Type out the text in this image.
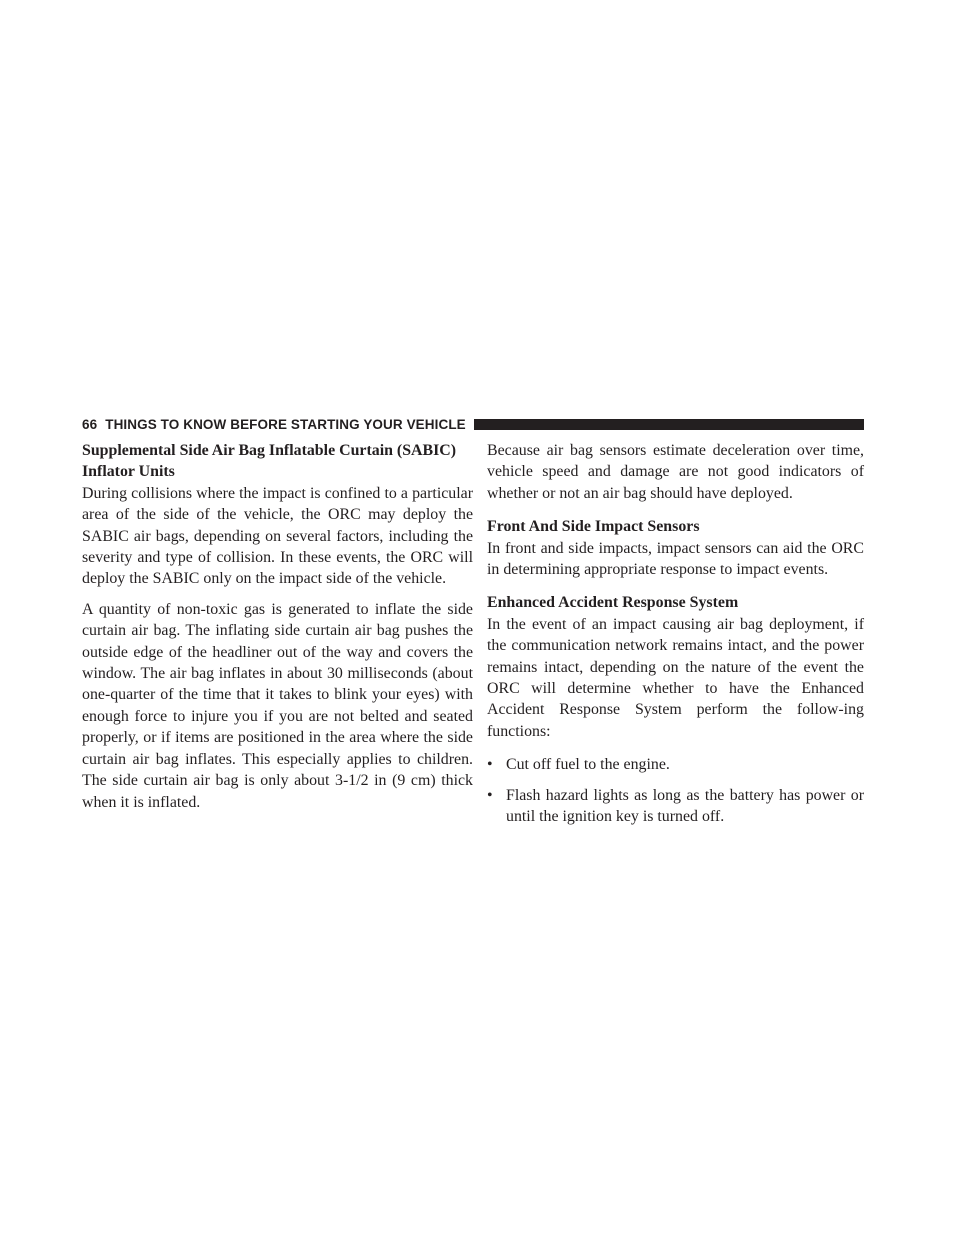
66 THINGS TO KNOW BEFORE STARTING YOUR VEHICLE
Supplemental Side Air Bag Inflatable Curtain (SABIC) Inflator Units

During collisions where the impact is confined to a particular area of the side of the vehicle, the ORC may deploy the SABIC air bags, depending on several factors, including the severity and type of collision. In these events, the ORC will deploy the SABIC only on the impact side of the vehicle.

A quantity of non-toxic gas is generated to inflate the side curtain air bag. The inflating side curtain air bag pushes the outside edge of the headliner out of the way and covers the window. The air bag inflates in about 30 milliseconds (about one-quarter of the time that it takes to blink your eyes) with enough force to injure you if you are not belted and seated properly, or if items are positioned in the area where the side curtain air bag inflates. This especially applies to children. The side curtain air bag is only about 3-1/2 in (9 cm) thick when it is inflated.

Because air bag sensors estimate deceleration over time, vehicle speed and damage are not good indicators of whether or not an air bag should have deployed.

Front And Side Impact Sensors

In front and side impacts, impact sensors can aid the ORC in determining appropriate response to impact events.

Enhanced Accident Response System

In the event of an impact causing air bag deployment, if the communication network remains intact, and the power remains intact, depending on the nature of the event the ORC will determine whether to have the Enhanced Accident Response System perform the follow-ing functions:

• Cut off fuel to the engine.
• Flash hazard lights as long as the battery has power or until the ignition key is turned off.
